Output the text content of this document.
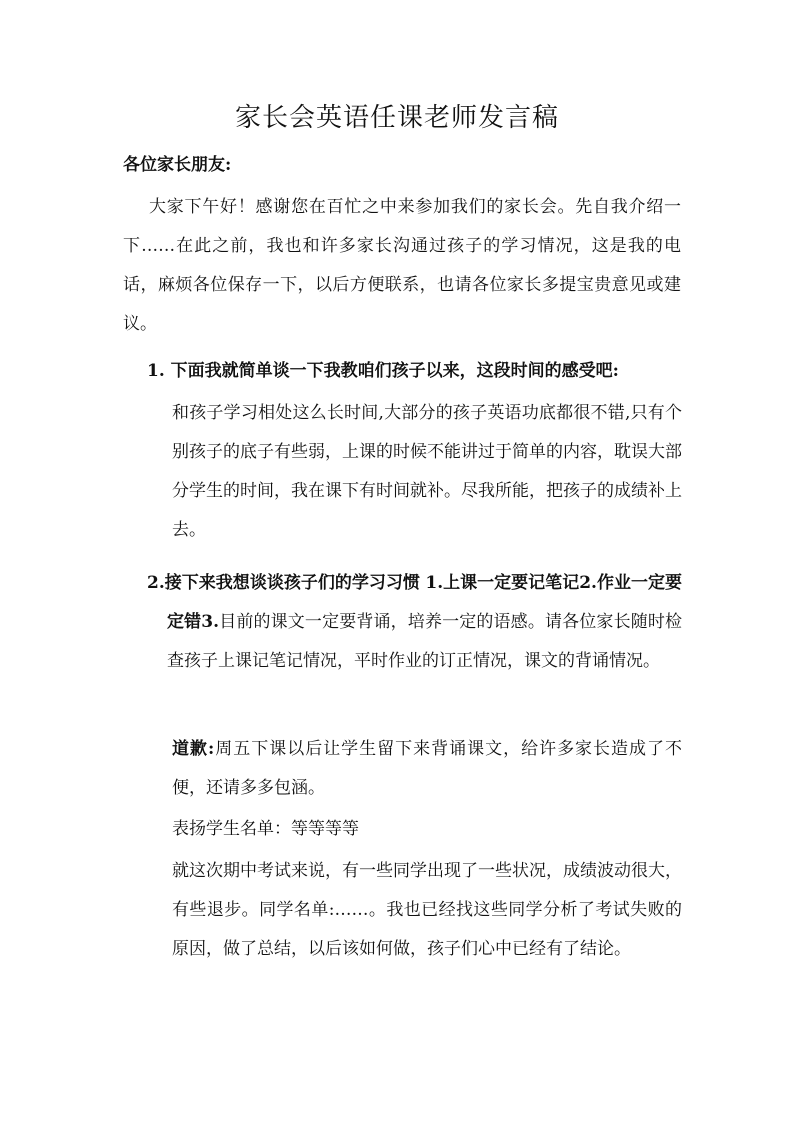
家长会英语任课老师发言稿

各位家长朋友:

大家下午好！感谢您在百忙之中来参加我们的家长会。先自我介绍一下……在此之前，我也和许多家长沟通过孩子的学习情况，这是我的电话，麻烦各位保存一下，以后方便联系，也请各位家长多提宝贵意见或建议。

1. 下面我就简单谈一下我教咱们孩子以来，这段时间的感受吧:

和孩子学习相处这么长时间,大部分的孩子英语功底都很不错,只有个别孩子的底子有些弱，上课的时候不能讲过于简单的内容，耽误大部分学生的时间，我在课下有时间就补。尽我所能，把孩子的成绩补上去。

2.接下来我想谈谈孩子们的学习习惯 1.上课一定要记笔记2.作业一定要定错3.目前的课文一定要背诵，培养一定的语感。请各位家长随时检查孩子上课记笔记情况，平时作业的订正情况，课文的背诵情况。

道歉:周五下课以后让学生留下来背诵课文，给许多家长造成了不便，还请多多包涵。

表扬学生名单：等等等等

就这次期中考试来说，有一些同学出现了一些状况，成绩波动很大，有些退步。同学名单:……。我也已经找这些同学分析了考试失败的原因，做了总结，以后该如何做，孩子们心中已经有了结论。
